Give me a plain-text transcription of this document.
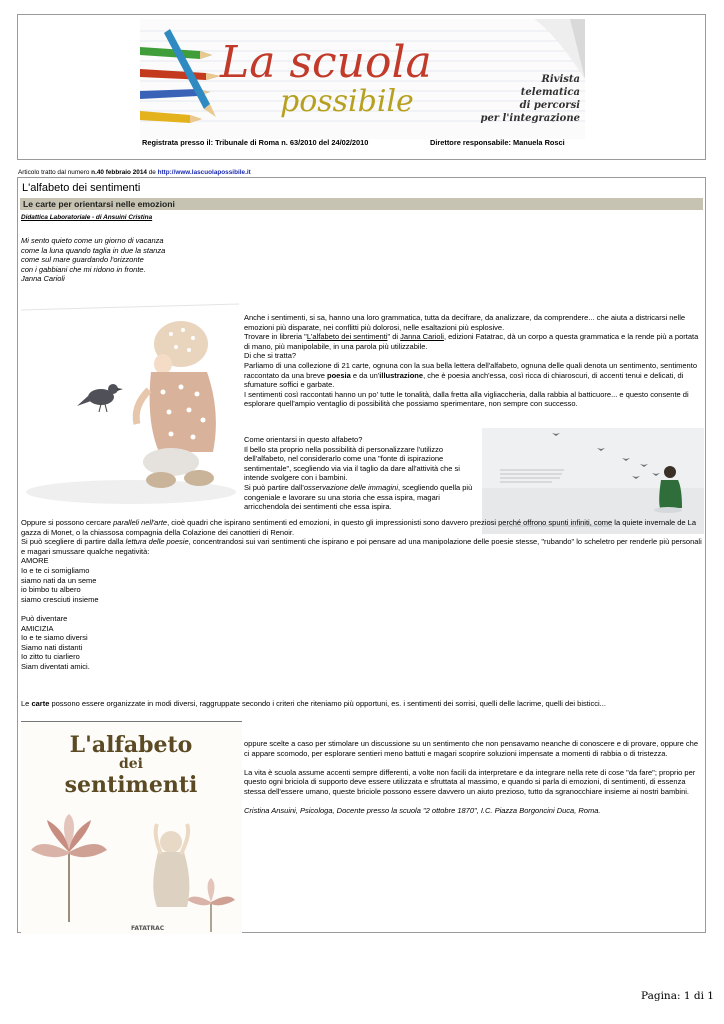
La scuola
possibile
Rivista
telematica
di percorsi
per l'integrazione
Registrata presso il: Tribunale di Roma n. 63/2010 del 24/02/2010	Direttore responsabile: Manuela Rosci
Articolo tratto dal numero n.40 febbraio 2014 de http://www.lascuolapossibile.it
L'alfabeto dei sentimenti
Le carte per orientarsi nelle emozioni
Didattica Laboratoriale - di Ansuini Cristina
Mi sento quieto come un giorno di vacanza
come la luna quando taglia in due la stanza
come sul mare guardando l'orizzonte
con i gabbiani che mi ridono in fronte.
Janna Carioli

Anche i sentimenti, si sa, hanno una loro grammatica, tutta da decifrare, da analizzare, da comprendere... che aiuta a districarsi nelle emozioni più disparate, nei conflitti più dolorosi, nelle esaltazioni più esplosive.

Trovare in libreria "L'alfabeto dei sentimenti" di Janna Carioli, edizioni Fatatrac, dà un corpo a questa grammatica e la rende più a portata di mano, più manipolabile, in una parola più utilizzabile.

Di che si tratta?

Parliamo di una collezione di 21 carte, ognuna con la sua bella lettera dell'alfabeto, ognuna delle quali denota un sentimento, sentimento raccontato da una breve poesia e da un'illustrazione, che è poesia anch'essa, così ricca di chiaroscuri, di accenti tenui e delicati, di sfumature soffici e garbate.

I sentimenti così raccontati hanno un po' tutte le tonalità, dalla fretta alla vigliaccheria, dalla rabbia al batticuore... e questo consente di esplorare quell'ampio ventaglio di possibilità che possiamo sperimentare, non sempre con successo.

Come orientarsi in questo alfabeto?

Il bello sta proprio nella possibilità di personalizzare l'utilizzo dell'alfabeto, nel considerarlo come una "fonte di ispirazione sentimentale", scegliendo via via il taglio da dare all'attività che si intende svolgere con i bambini.

Si può partire dall'osservazione delle immagini, scegliendo quella più congeniale e lavorare su una storia che essa ispira, magari arricchendola dei sentimenti che essa ispira.

Oppure si possono cercare paralleli nell'arte, cioè quadri che ispirano sentimenti ed emozioni, in questo gli impressionisti sono davvero preziosi perché offrono spunti infiniti, come la quiete invernale de La gazza di Monet, o la chiassosa compagnia della Colazione dei canottieri di Renoir.

Si può scegliere di partire dalla lettura delle poesie, concentrandosi sui vari sentimenti che ispirano e poi pensare ad una manipolazione delle poesie stesse, "rubando" lo scheletro per renderle più personali e magari smussare qualche negatività:

AMORE
Io e te ci somigliamo
siamo nati da un seme
io bimbo tu albero
siamo cresciuti insieme
Può diventare
AMICIZIA
Io e te siamo diversi
Siamo nati distanti
Io zitto tu ciarliero
Siam diventati amici.

Le carte possono essere organizzate in modi diversi, raggruppate secondo i criteri che riteniamo più opportuni, es. i sentimenti dei sorrisi, quelli delle lacrime, quelli dei bisticci...

L'alfabeto
dei
sentimenti
FATATRAC

oppure scelte a caso per stimolare un discussione su un sentimento che non pensavamo neanche di conoscere e di provare, oppure che ci appare scomodo, per esplorare sentieri meno battuti e magari scoprire soluzioni impensate a momenti di rabbia o di tristezza.

La vita è scuola assume accenti sempre differenti, a volte non facili da interpretare e da integrare nella rete di cose "da fare"; proprio per questo ogni briciola di supporto deve essere utilizzata e sfruttata al massimo, e quando si parla di emozioni, di sentimenti, di essenza stessa dell'essere umano, queste briciole possono essere davvero un aiuto prezioso, tutto da sgranocchiare insieme ai nostri bambini.

Cristina Ansuini, Psicologa, Docente presso la scuola "2 ottobre 1870", I.C. Piazza Borgoncini Duca, Roma.

Pagina: 1 di 1
